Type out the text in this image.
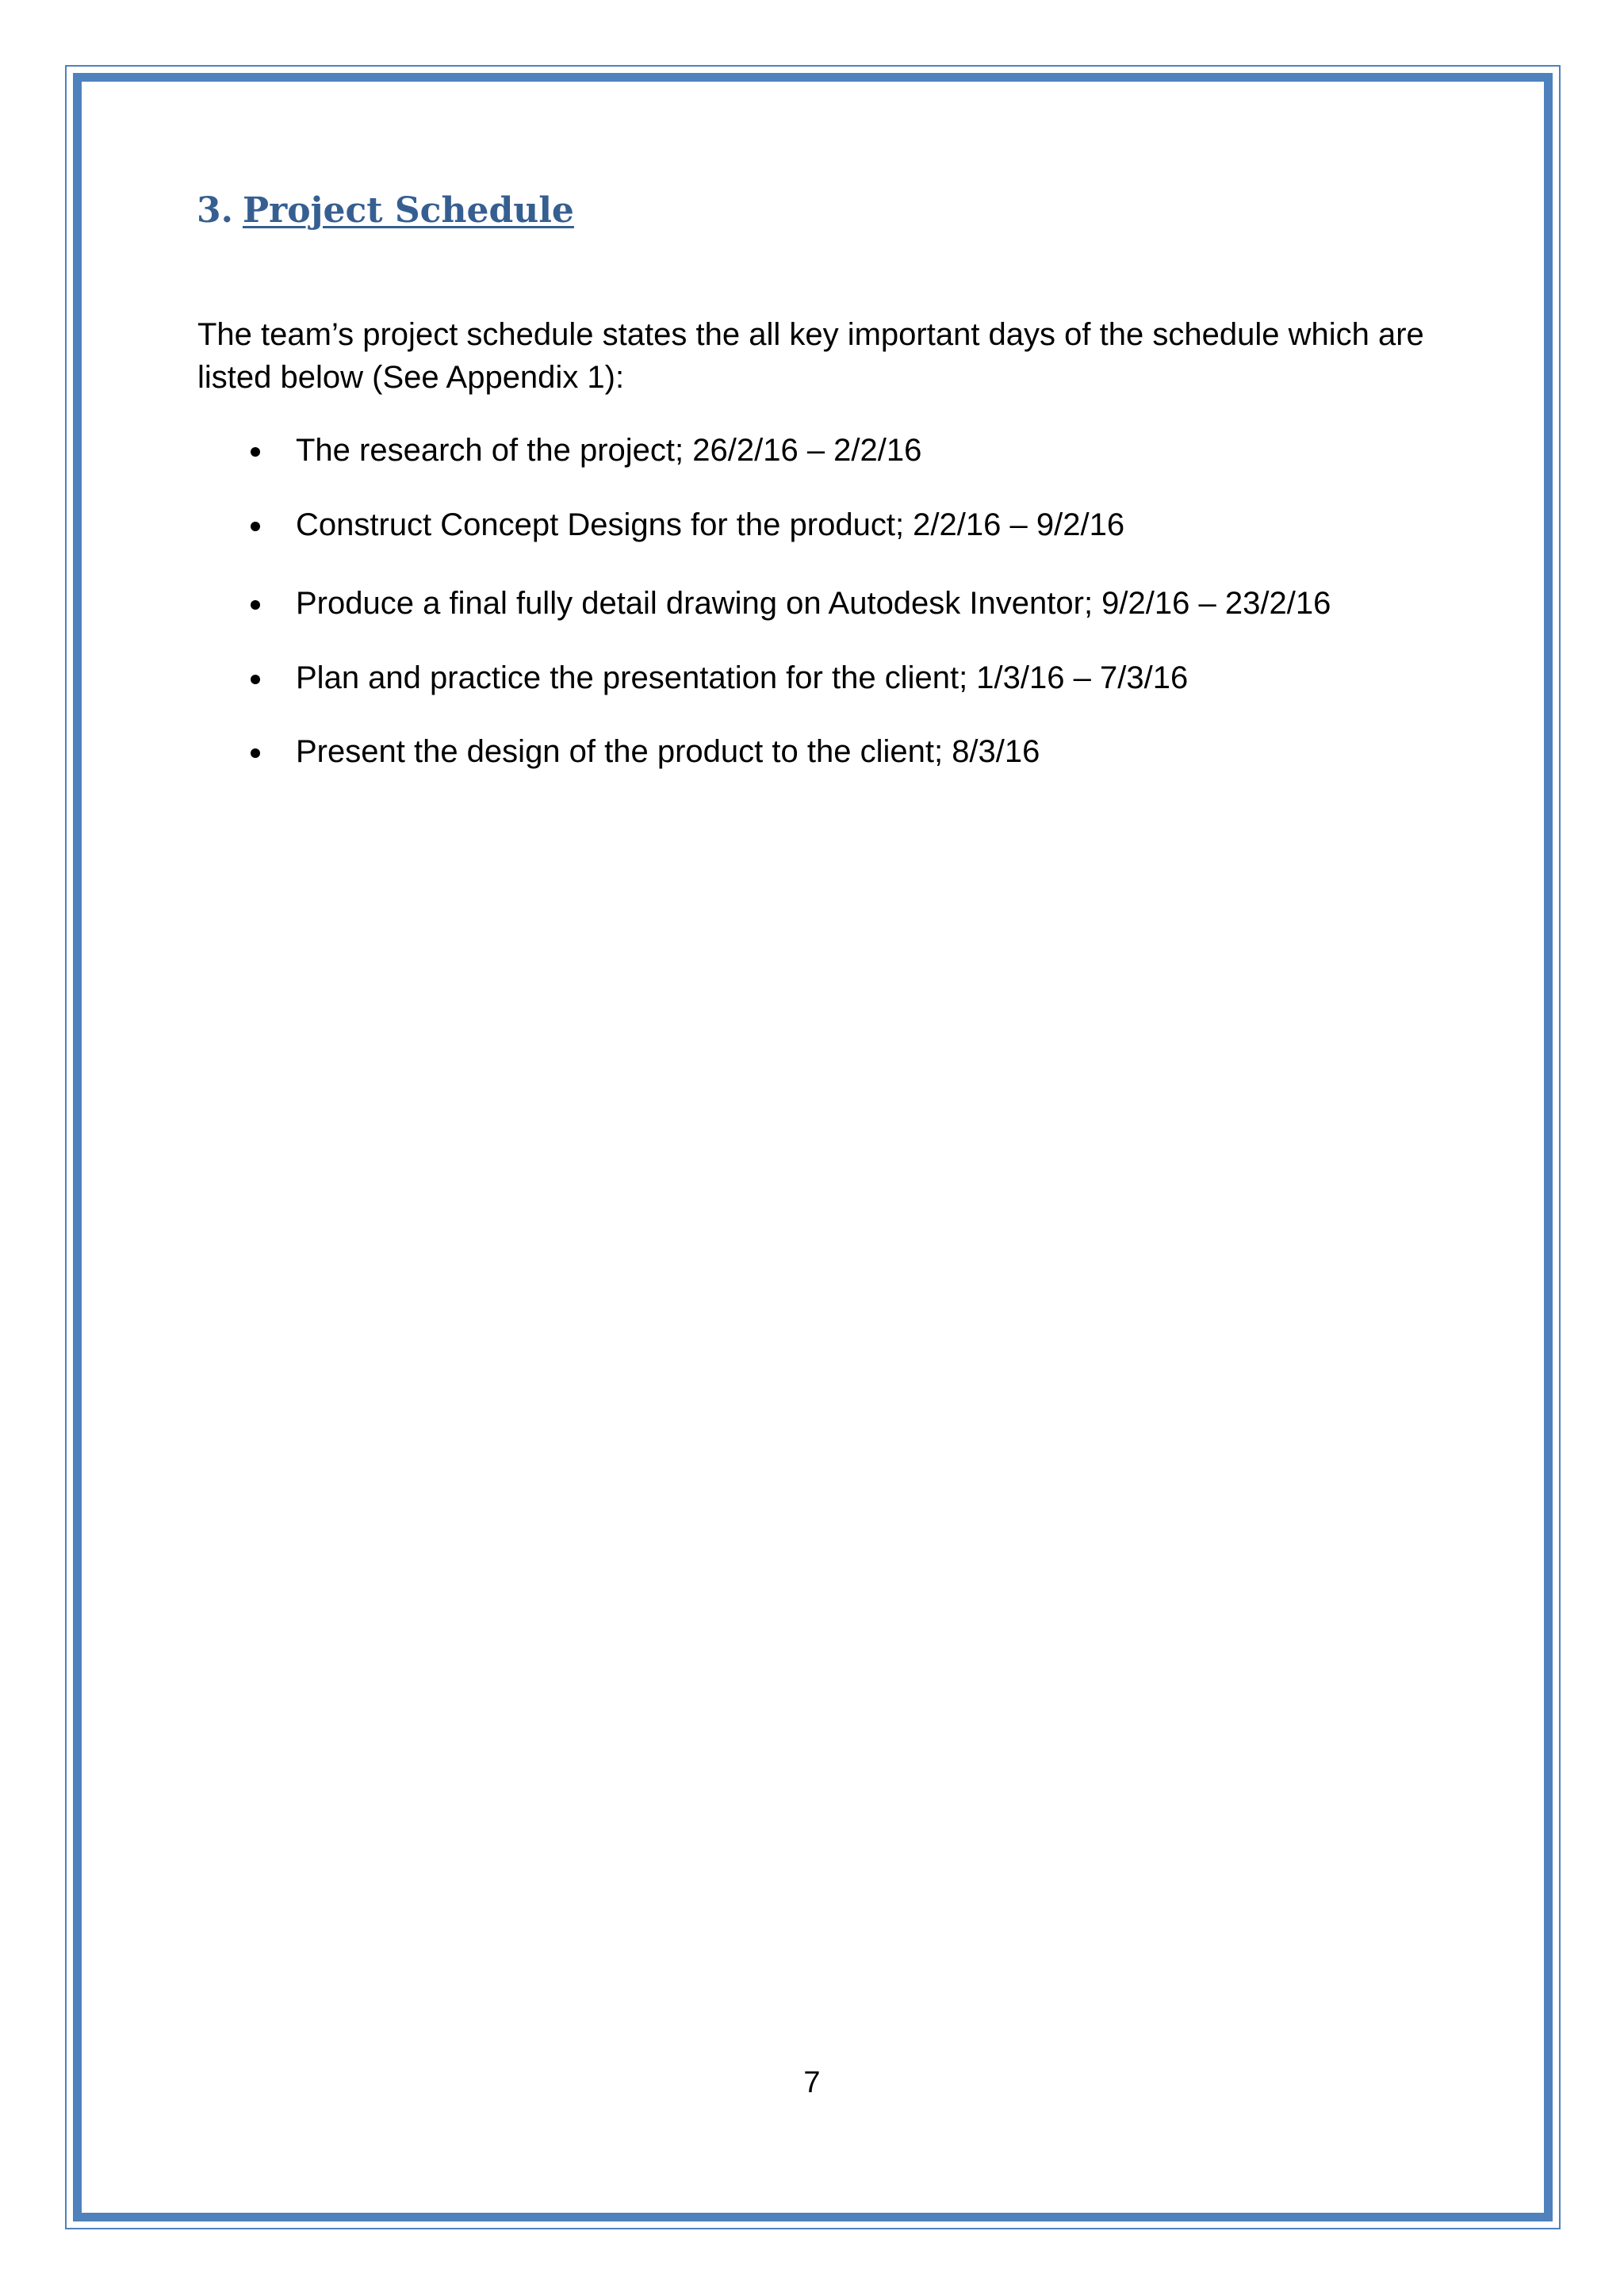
3. Project Schedule

The team’s project schedule states the all key important days of the schedule which are listed below (See Appendix 1):

The research of the project; 26/2/16 – 2/2/16
Construct Concept Designs for the product; 2/2/16 – 9/2/16
Produce a final fully detail drawing on Autodesk Inventor; 9/2/16 – 23/2/16
Plan and practice the presentation for the client; 1/3/16 – 7/3/16
Present the design of the product to the client; 8/3/16
7
